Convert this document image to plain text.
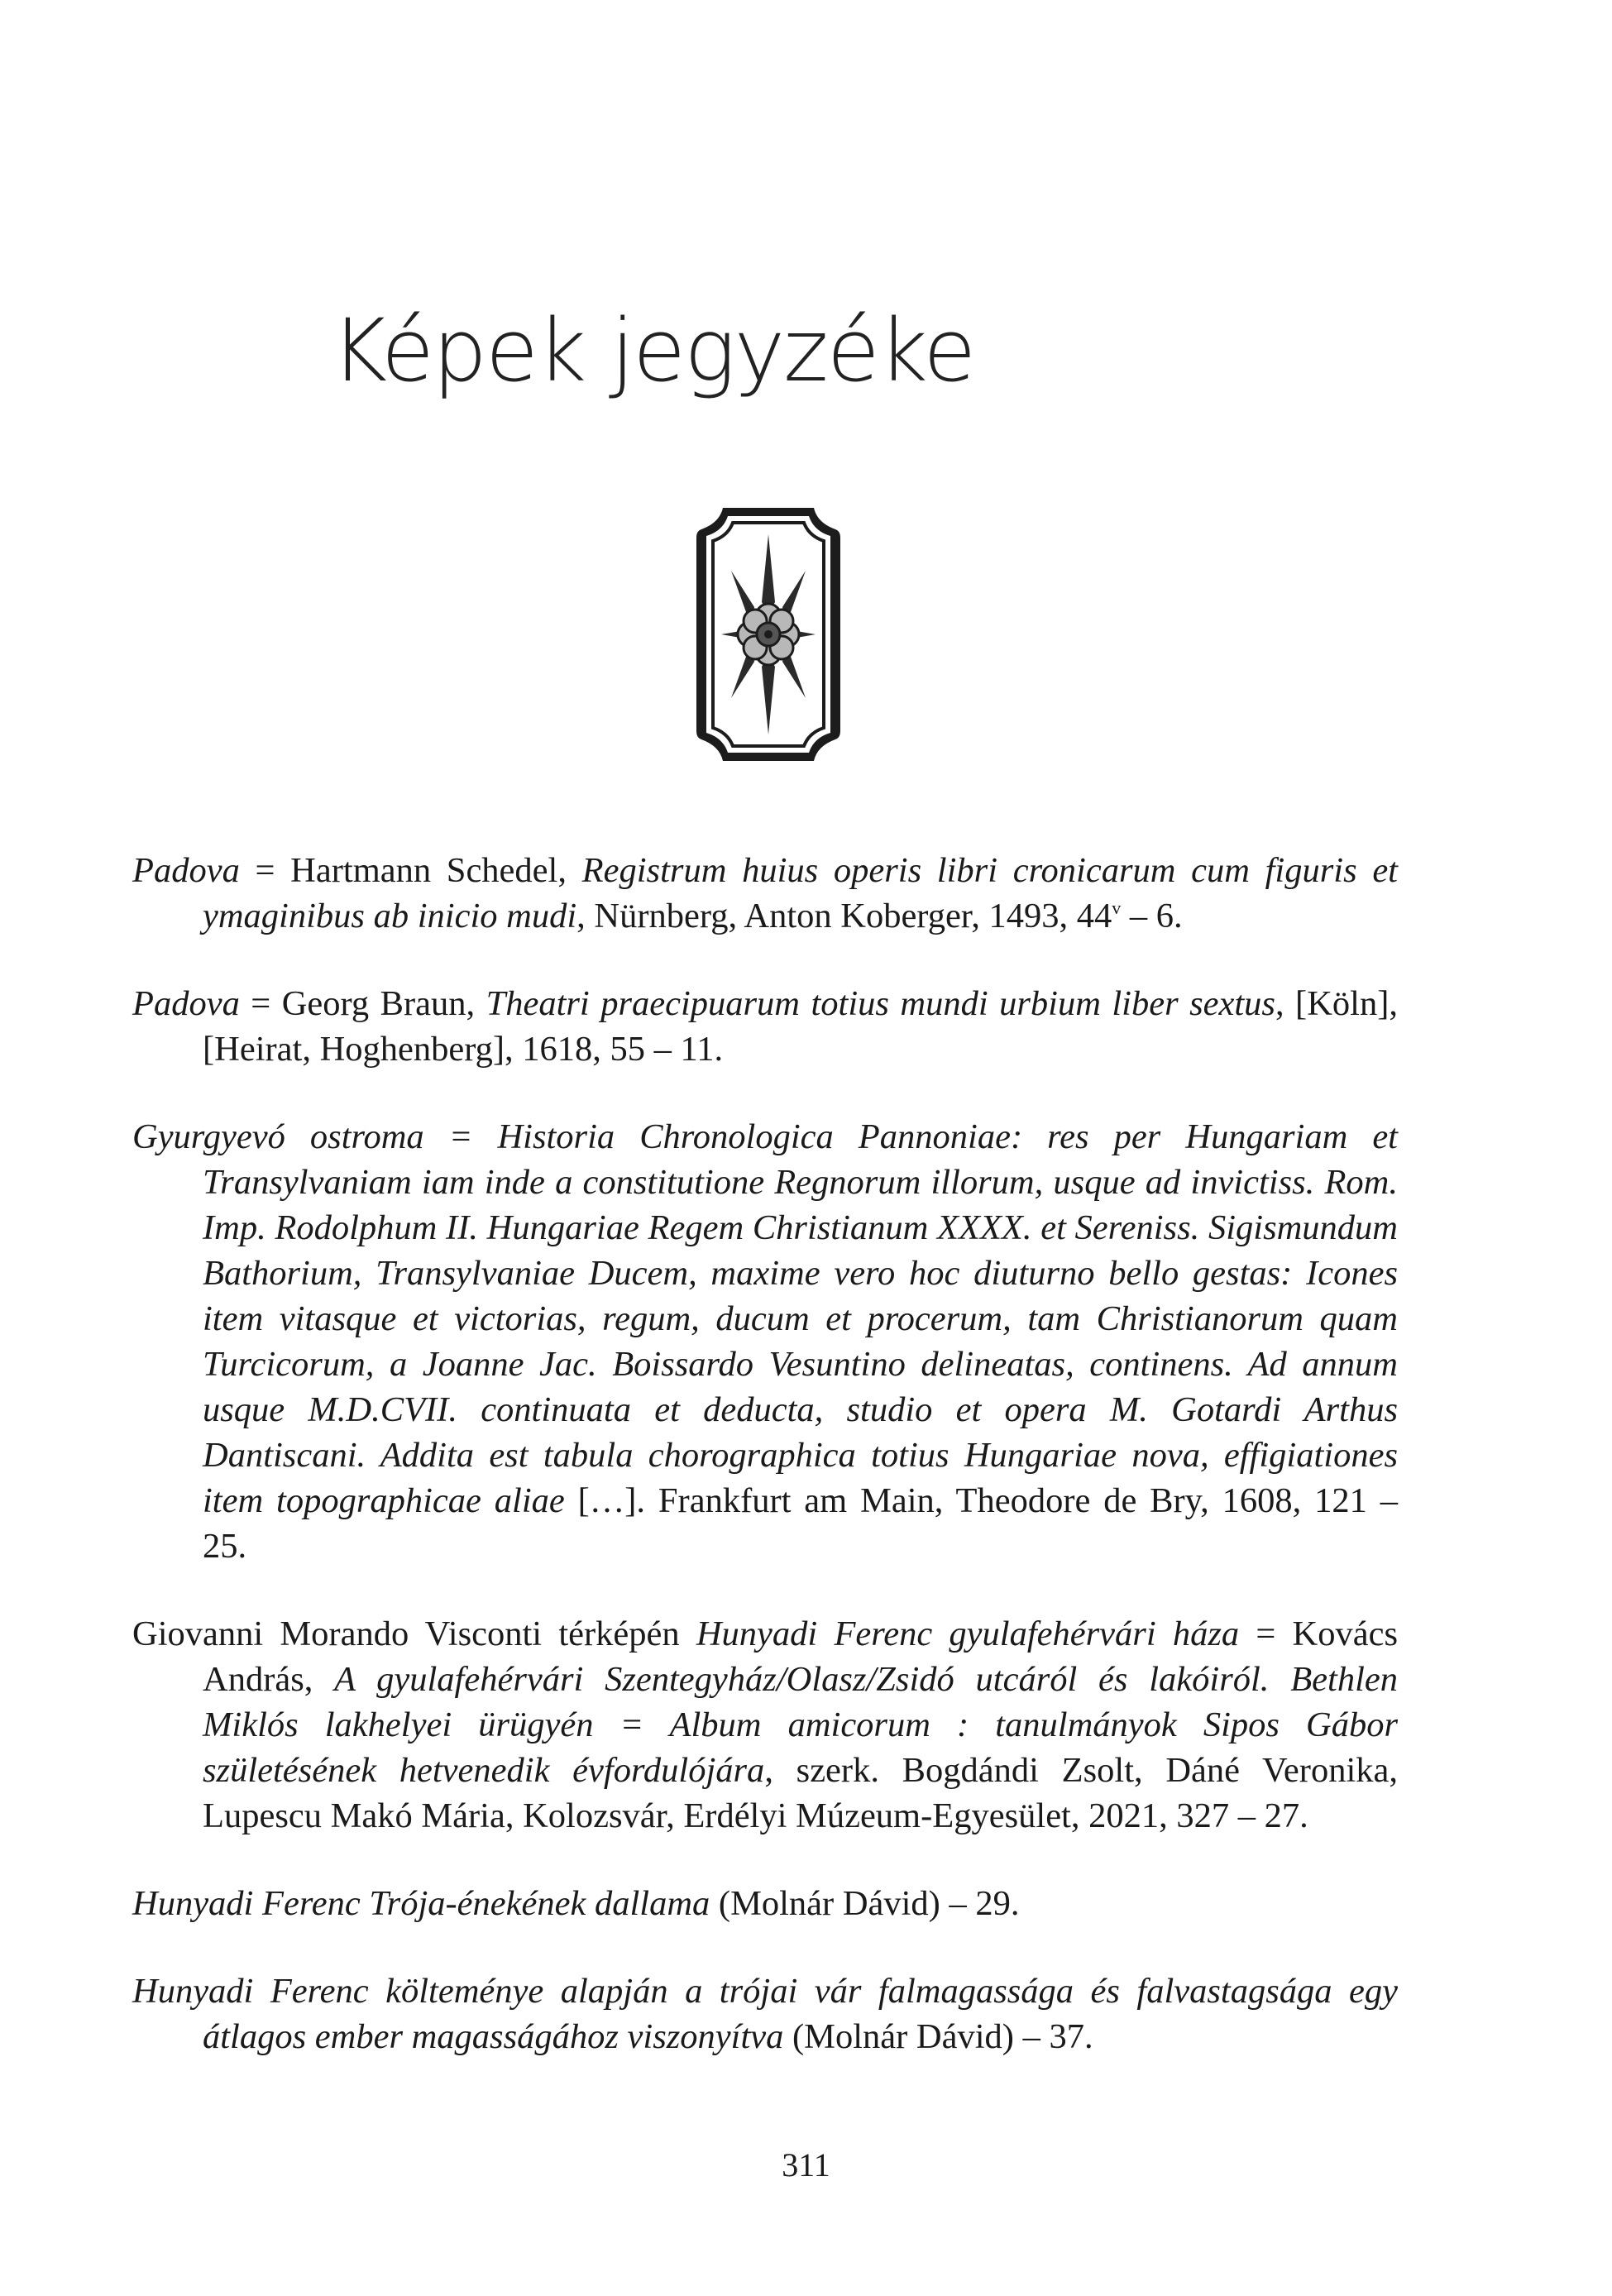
Képek jegyzéke

Padova = Hartmann Schedel, Registrum huius operis libri cronicarum cum figuris et ymaginibus ab inicio mudi, Nürnberg, Anton Koberger, 1493, 44$^v$ – 6.

Padova = Georg Braun, Theatri praecipuarum totius mundi urbium liber sextus, [Köln], [Heirat, Hoghenberg], 1618, 55 – 11.

Gyurgyevó ostroma = Historia Chronologica Pannoniae: res per Hungariam et Transylvaniam iam inde a constitutione Regnorum illorum, usque ad invictiss. Rom. Imp. Rodolphum II. Hungariae Regem Christianum XXXX. et Sereniss. Sigismundum Bathorium, Transylvaniae Ducem, maxime vero hoc diuturno bello gestas: Icones item vitasque et victorias, regum, ducum et procerum, tam Christianorum quam Turcicorum, a Joanne Jac. Boissardo Vesuntino delineatas, continens. Ad annum usque M.D.CVII. continuata et deducta, studio et opera M. Gotardi Arthus Dantiscani. Addita est tabula chorographica totius Hungariae nova, effigiationes item topographicae aliae […]. Frankfurt am Main, Theodore de Bry, 1608, 121 – 25.

Giovanni Morando Visconti térképén Hunyadi Ferenc gyulafehérvári háza = Kovács András, A gyulafehérvári Szentegyház/Olasz/Zsidó utcáról és lakóiról. Bethlen Miklós lakhelyei ürügyén = Album amicorum : tanulmányok Sipos Gábor születésének hetvenedik évfordulójára, szerk. Bogdándi Zsolt, Dáné Veronika, Lupescu Makó Mária, Kolozsvár, Erdélyi Múzeum-Egyesület, 2021, 327 – 27.

Hunyadi Ferenc Trója-énekének dallama (Molnár Dávid) – 29.

Hunyadi Ferenc költeménye alapján a trójai vár falmagassága és falvastagsága egy átlagos ember magasságához viszonyítva (Molnár Dávid) – 37.

311
